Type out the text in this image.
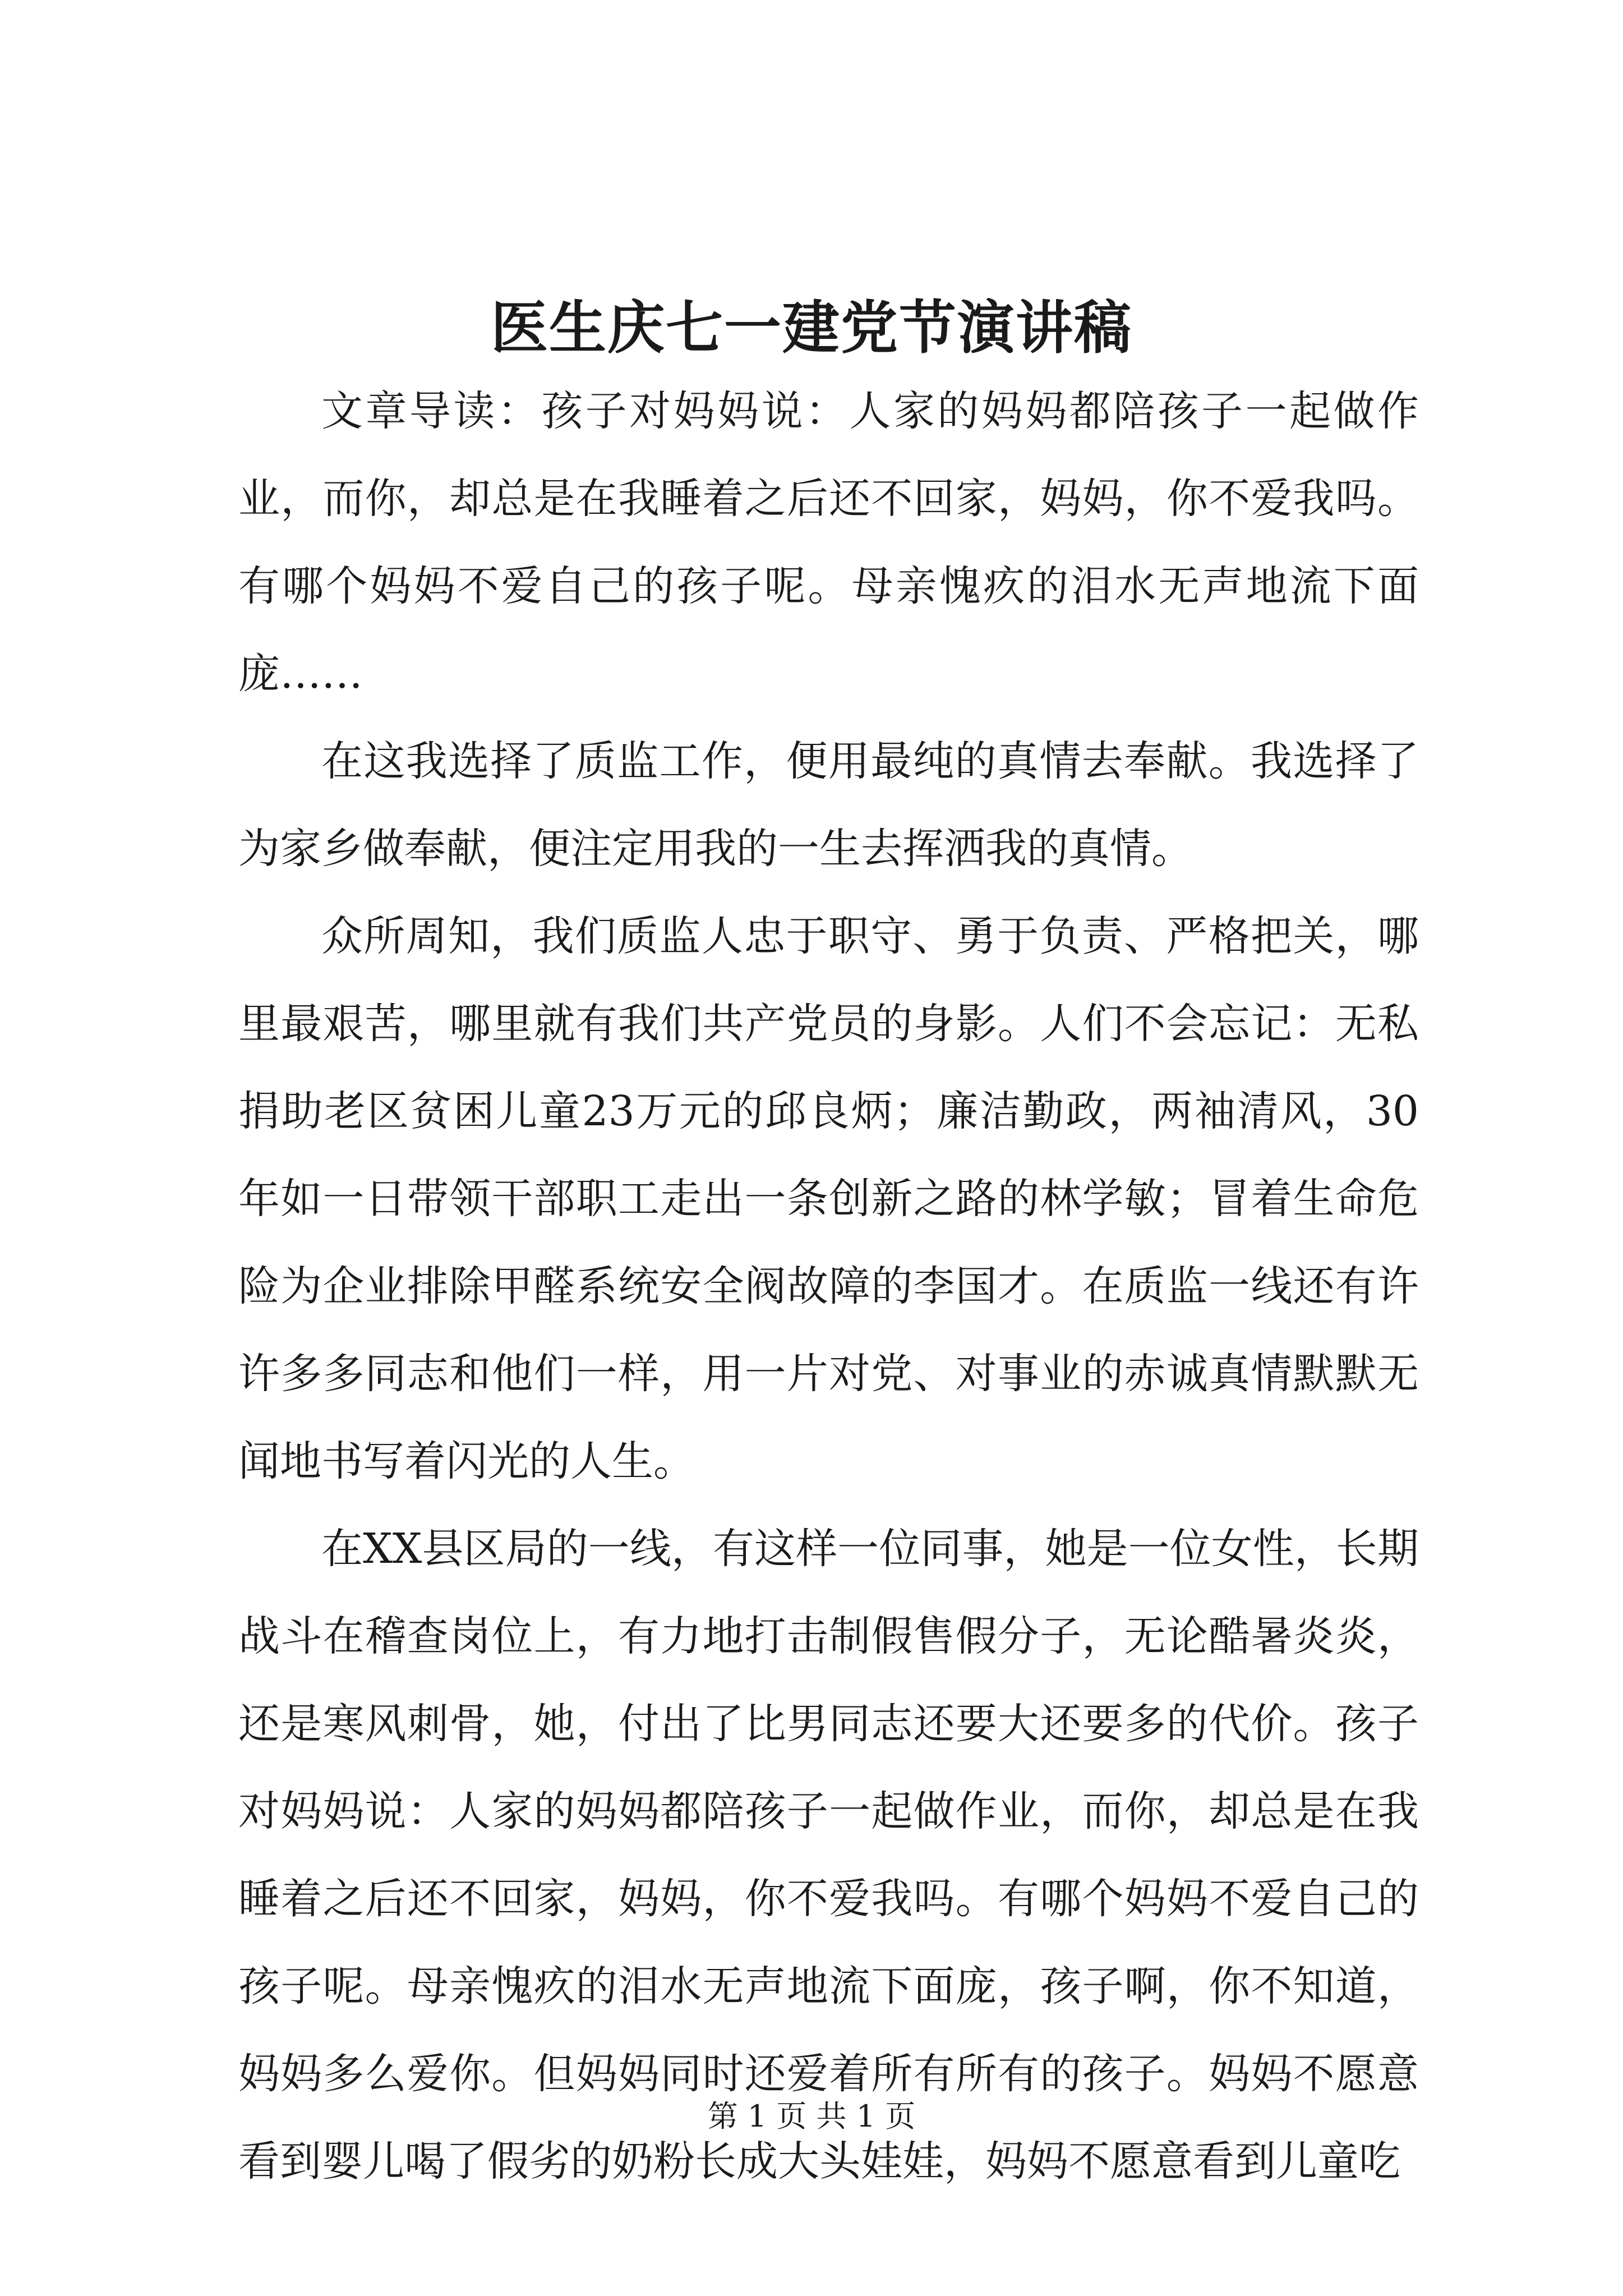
医生庆七一建党节演讲稿

文章导读：孩子对妈妈说：人家的妈妈都陪孩子一起做作业，而你，却总是在我睡着之后还不回家，妈妈，你不爱我吗。有哪个妈妈不爱自己的孩子呢。母亲愧疚的泪水无声地流下面庞……

在这我选择了质监工作，便用最纯的真情去奉献。我选择了为家乡做奉献，便注定用我的一生去挥洒我的真情。

众所周知，我们质监人忠于职守、勇于负责、严格把关，哪里最艰苦，哪里就有我们共产党员的身影。人们不会忘记：无私捐助老区贫困儿童23万元的邱良炳；廉洁勤政，两袖清风，30年如一日带领干部职工走出一条创新之路的林学敏；冒着生命危险为企业排除甲醛系统安全阀故障的李国才。在质监一线还有许许多多同志和他们一样，用一片对党、对事业的赤诚真情默默无闻地书写着闪光的人生。

在XX县区局的一线，有这样一位同事，她是一位女性，长期战斗在稽查岗位上，有力地打击制假售假分子，无论酷暑炎炎，还是寒风刺骨，她，付出了比男同志还要大还要多的代价。孩子对妈妈说：人家的妈妈都陪孩子一起做作业，而你，却总是在我睡着之后还不回家，妈妈，你不爱我吗。有哪个妈妈不爱自己的孩子呢。母亲愧疚的泪水无声地流下面庞，孩子啊，你不知道，妈妈多么爱你。但妈妈同时还爱着所有所有的孩子。妈妈不愿意看到婴儿喝了假劣的奶粉长成大头娃娃，妈妈不愿意看到儿童吃

第 1 页 共 1 页
